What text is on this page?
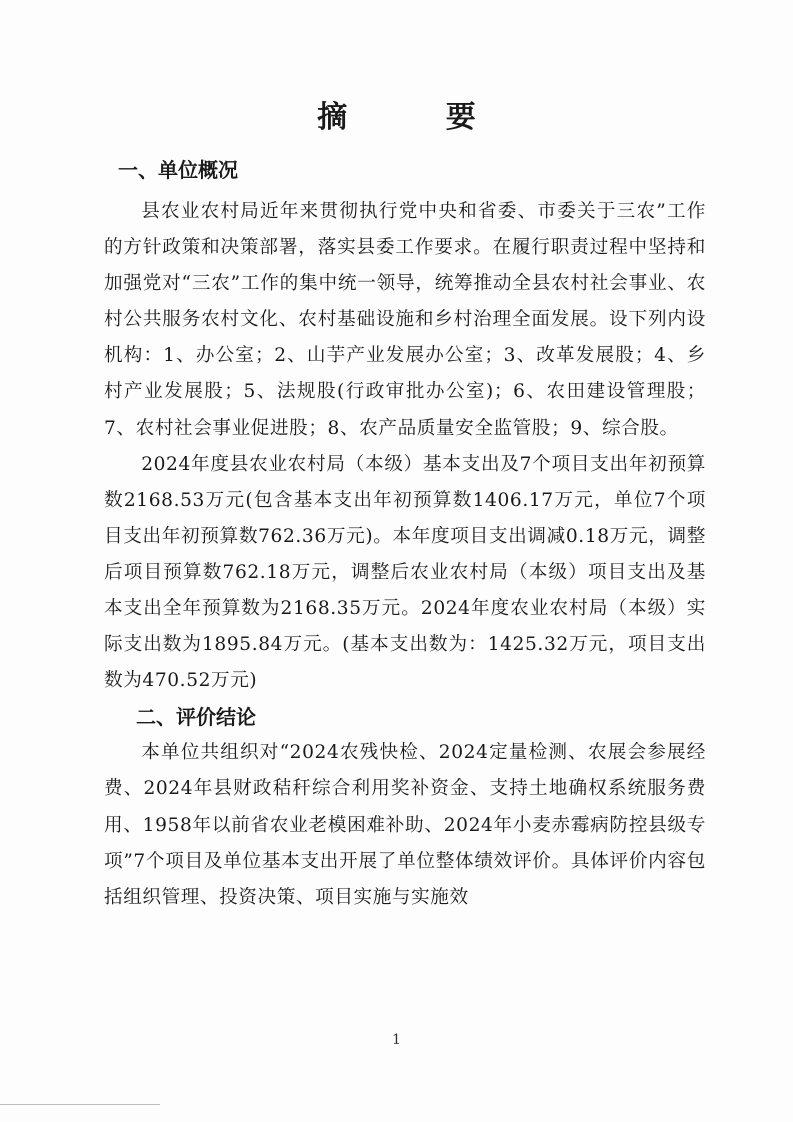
摘 要
一、单位概况

县农业农村局近年来贯彻执行党中央和省委、市委关于三农”工作的方针政策和决策部署，落实县委工作要求。在履行职责过程中坚持和加强党对“三农”工作的集中统一领导，统筹推动全县农村社会事业、农村公共服务农村文化、农村基础设施和乡村治理全面发展。设下列内设机构：1、办公室；2、山芋产业发展办公室；3、改革发展股；4、乡村产业发展股；5、法规股(行政审批办公室)；6、农田建设管理股；7、农村社会事业促进股；8、农产品质量安全监管股；9、综合股。

2024年度县农业农村局（本级）基本支出及7个项目支出年初预算数2168.53万元(包含基本支出年初预算数1406.17万元，单位7个项目支出年初预算数762.36万元)。本年度项目支出调减0.18万元，调整后项目预算数762.18万元，调整后农业农村局（本级）项目支出及基本支出全年预算数为2168.35万元。2024年度农业农村局（本级）实际支出数为1895.84万元。(基本支出数为：1425.32万元，项目支出数为470.52万元)

二、评价结论

本单位共组织对“2024农残快检、2024定量检测、农展会参展经费、2024年县财政秸秆综合利用奖补资金、支持土地确权系统服务费用、1958年以前省农业老模困难补助、2024年小麦赤霉病防控县级专项”7个项目及单位基本支出开展了单位整体绩效评价。具体评价内容包括组织管理、投资决策、项目实施与实施效

1
